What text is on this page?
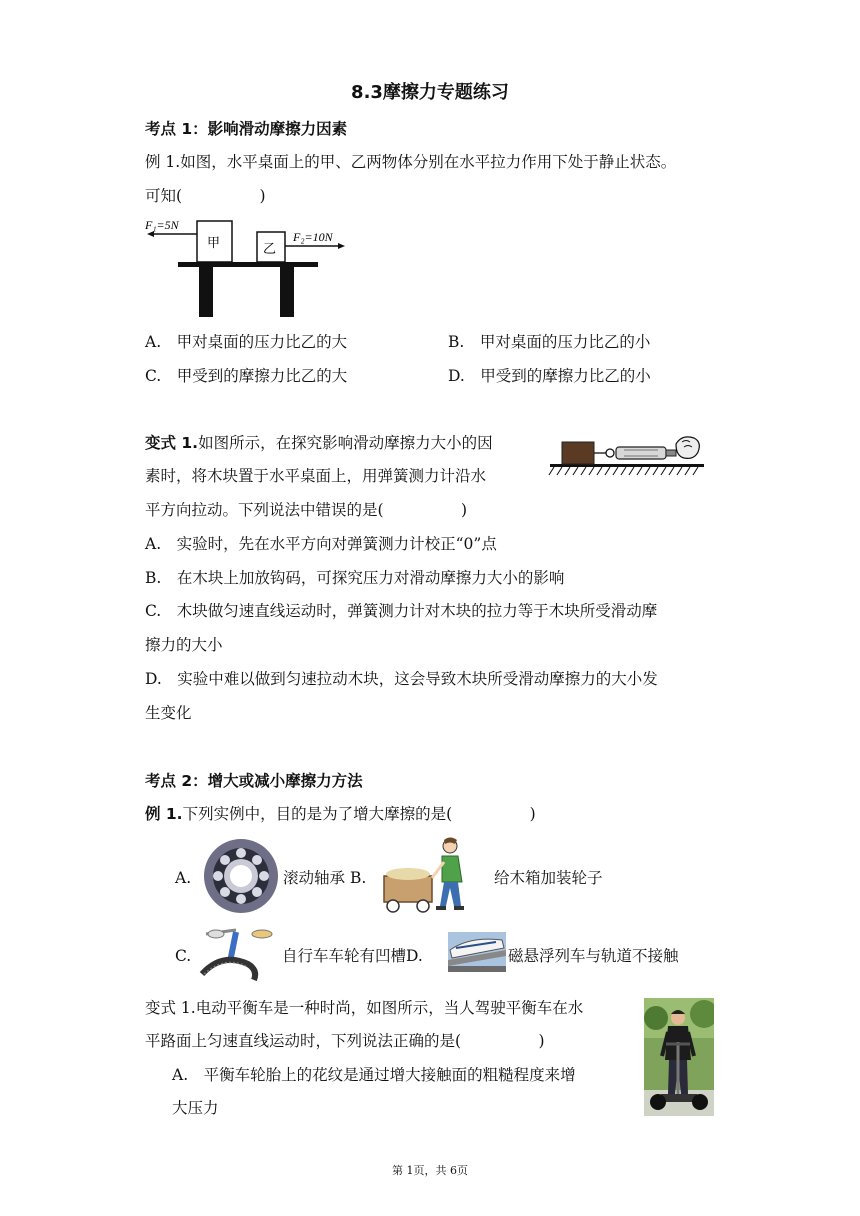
8.3摩擦力专题练习
考点 1：影响滑动摩擦力因素
例 1.如图，水平桌面上的甲、乙两物体分别在水平拉力作用下处于静止状态。
可知(　　　　　)
F₁=5N
F₂=10N
甲	乙
A.　甲对桌面的压力比乙的大	B.　甲对桌面的压力比乙的小
C.　甲受到的摩擦力比乙的大	D.　甲受到的摩擦力比乙的小
变式 1.如图所示，在探究影响滑动摩擦力大小的因
素时，将木块置于水平桌面上，用弹簧测力计沿水
平方向拉动。下列说法中错误的是(　　　　　)
A.　实验时，先在水平方向对弹簧测力计校正“0”点
B.　在木块上加放钩码，可探究压力对滑动摩擦力大小的影响
C.　木块做匀速直线运动时，弹簧测力计对木块的拉力等于木块所受滑动摩
擦力的大小
D.　实验中难以做到匀速拉动木块，这会导致木块所受滑动摩擦力的大小发
生变化
考点 2：增大或减小摩擦力方法
例 1.下列实例中，目的是为了增大摩擦的是(　　　　　)
A.	滚动轴承 B.	给木箱加装轮子
C.	自行车车轮有凹槽D.	磁悬浮列车与轨道不接触
变式 1.电动平衡车是一种时尚，如图所示，当人驾驶平衡车在水
平路面上匀速直线运动时，下列说法正确的是(　　　　　)
A.　平衡车轮胎上的花纹是通过增大接触面的粗糙程度来增
大压力
第 1页，共 6页
